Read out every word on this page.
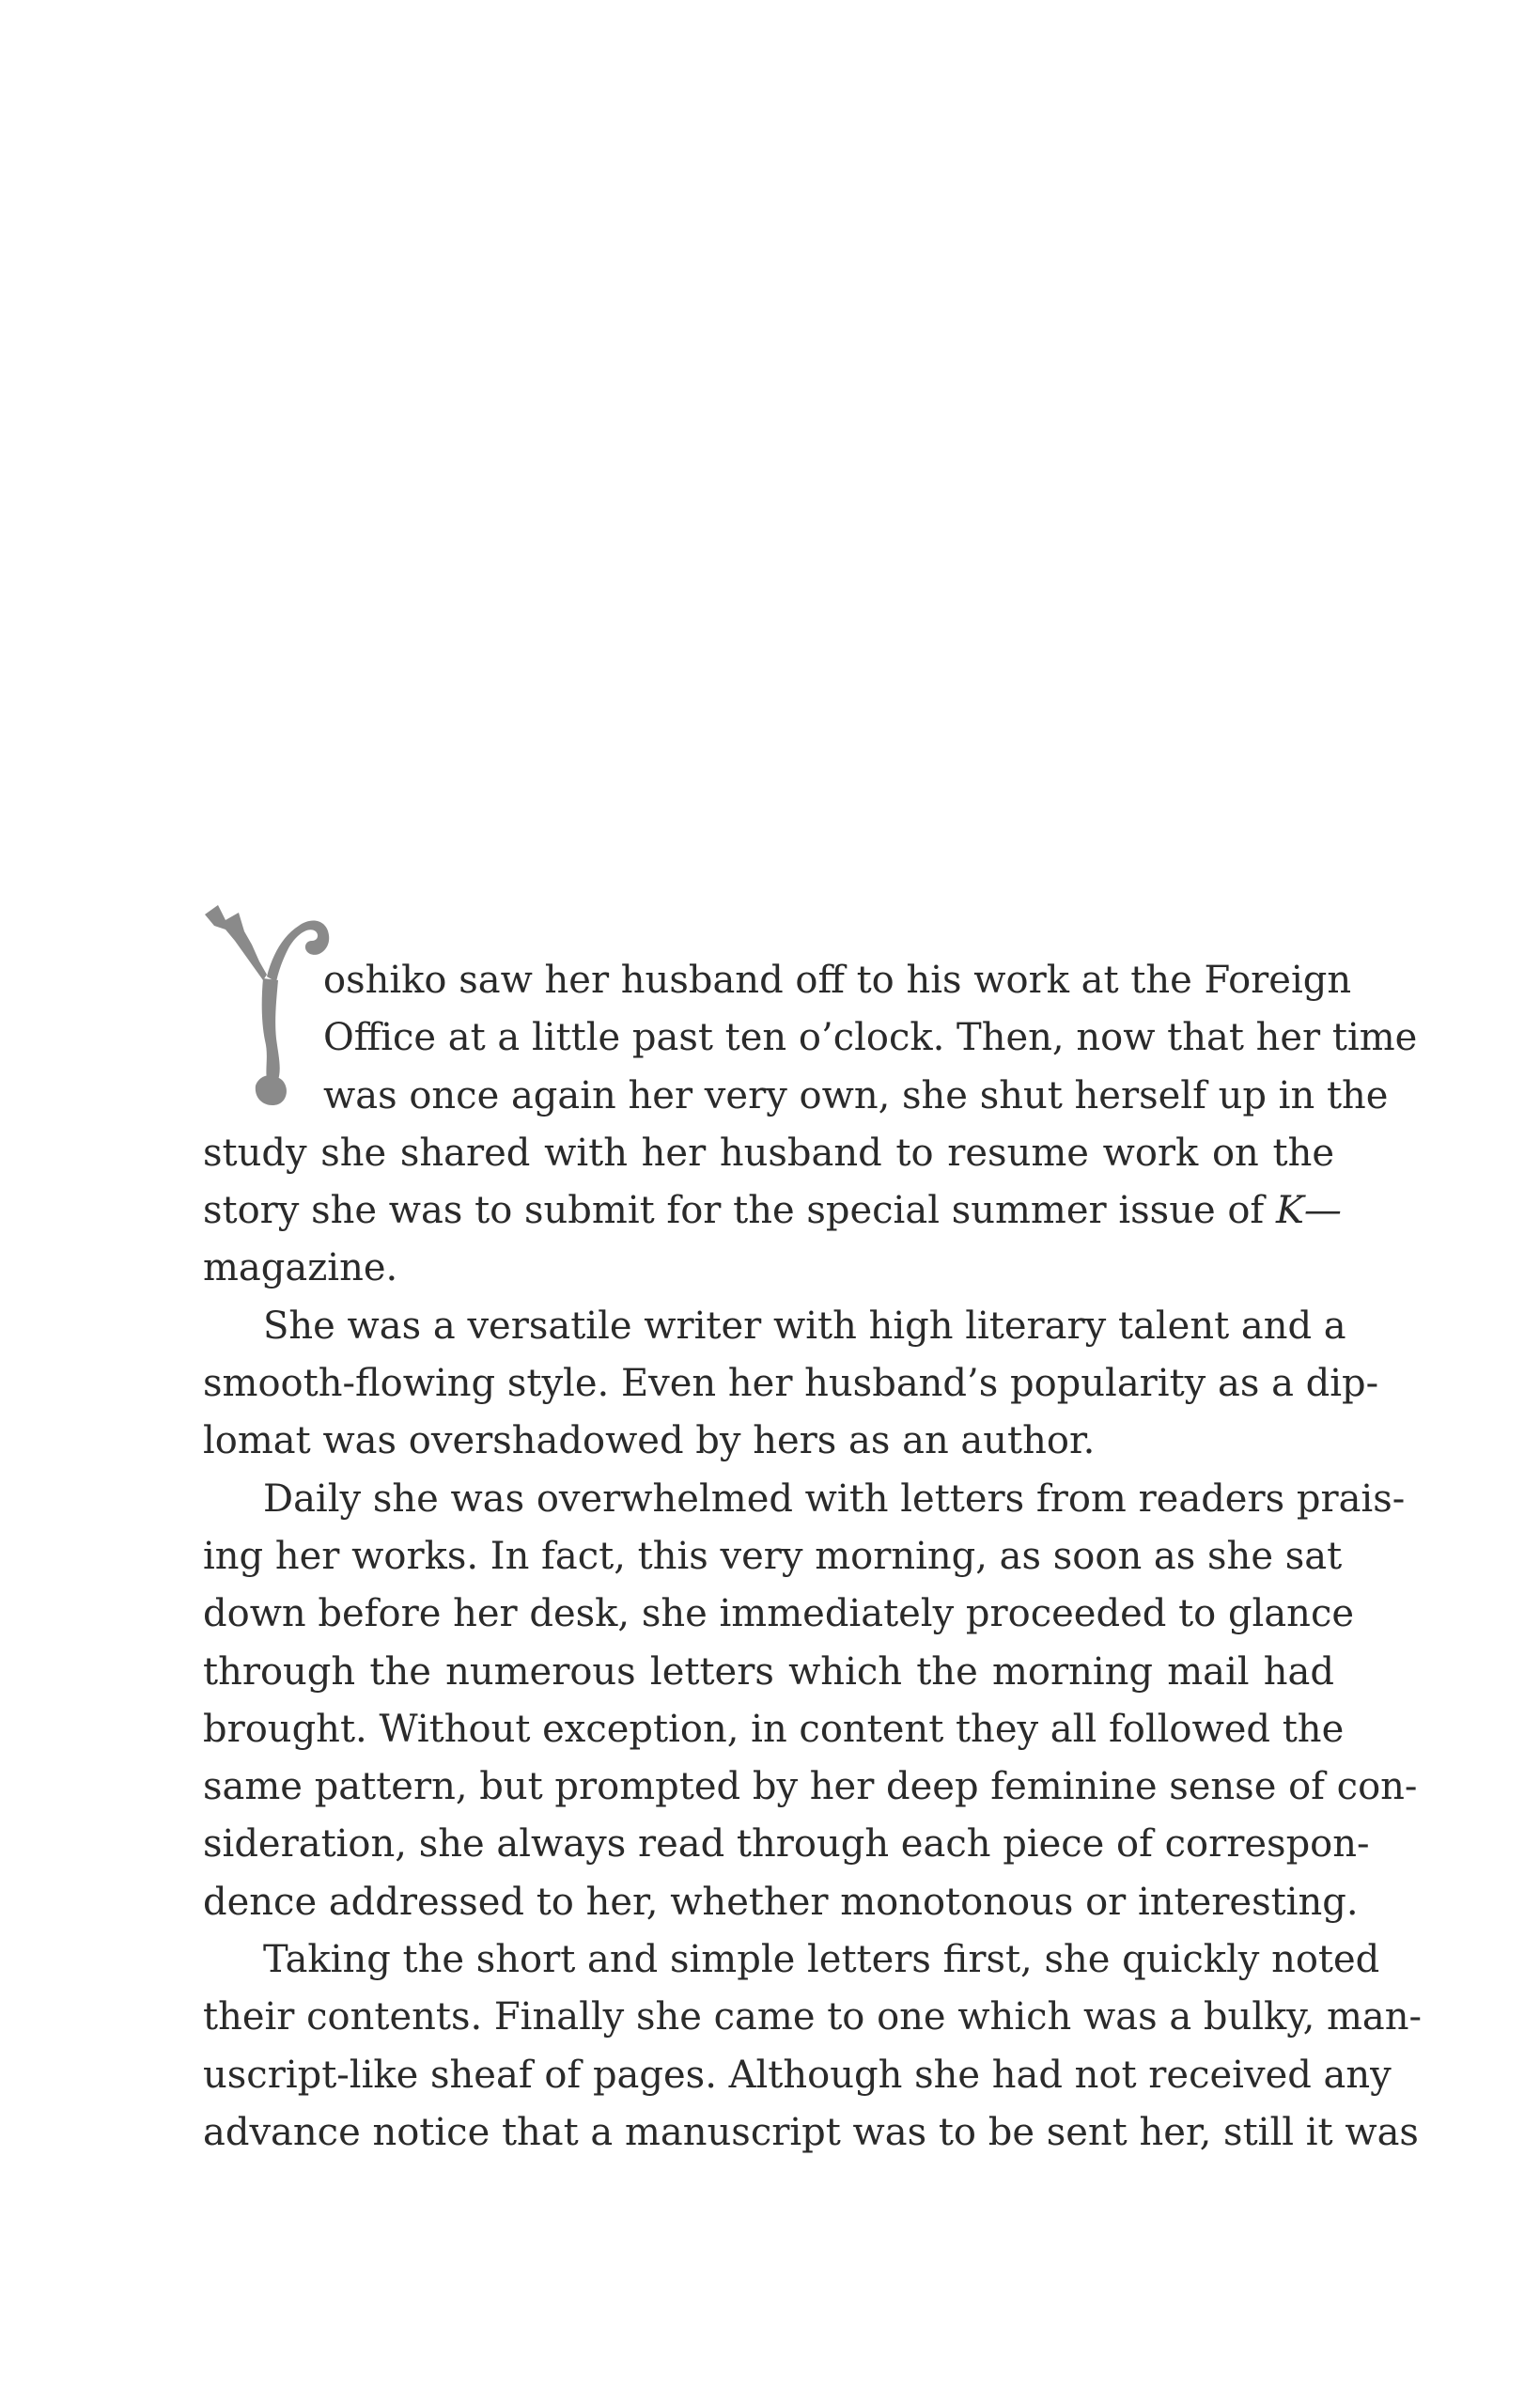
oshiko saw her husband off to his work at the Foreign
Office at a little past ten o’clock. Then, now that her time
was once again her very own, she shut herself up in the
study she shared with her husband to resume work on the
story she was to submit for the special summer issue of K—
magazine.
She was a versatile writer with high literary talent and a
smooth-flowing style. Even her husband’s popularity as a dip-
lomat was overshadowed by hers as an author.
Daily she was overwhelmed with letters from readers prais-
ing her works. In fact, this very morning, as soon as she sat
down before her desk, she immediately proceeded to glance
through the numerous letters which the morning mail had
brought. Without exception, in content they all followed the
same pattern, but prompted by her deep feminine sense of con-
sideration, she always read through each piece of correspon-
dence addressed to her, whether monotonous or interesting.
Taking the short and simple letters first, she quickly noted
their contents. Finally she came to one which was a bulky, man-
uscript-like sheaf of pages. Although she had not received any
advance notice that a manuscript was to be sent her, still it was
